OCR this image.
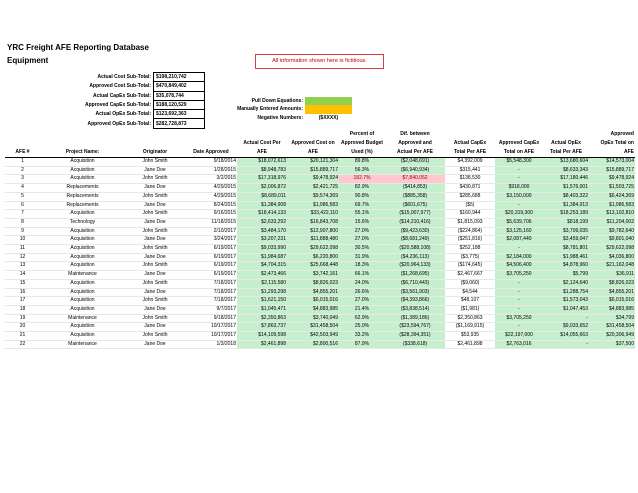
YRC Freight AFE Reporting Database
Equipment	All information shown here is fictitious.
Actual Cost Sub-Total:	$198,210,742
Approved Cost Sub-Total:	$470,849,402
Actual CapEx Sub-Total:	$35,078,744
Approved CapEx Sub-Total:	$188,120,529
Actual OpEx Sub-Total:	$123,692,363
Approved OpEx Sub-Total:	$282,728,873
Pull Down Equations:	
Manually Entered Amounts:	
Negative Numbers:	($XXXX)
						Percent of	Dif. between				Approved
				Actual Cost Per	Approved Cost on	Approved Budget	Approved and	Actual CapEx	Approved CapEx	Actual OpEx	OpEx Total on
AFE #	Project Name:	Originator	Date Approved	AFE	AFE	Used (%)	Actual Per AFE	Total Per AFE	Total on AFE	Total Per AFE	AFE
1	Acquisition	John Smith	9/18/2014	$18,072,613	$20,121,304	89.8%	($2,048,691)	$4,392,009	$5,548,300	$13,680,604	$14,573,004
2	Acquisition	Jane Doe	1/28/2015	$8,948,783	$15,889,717	56.3%	($6,940,934)	$315,441	-	$8,633,343	$15,889,717
3	Acquisition	John Smith	3/2/2015	$17,318,976	$9,478,924	182.7%	$7,840,052	$138,530	-	$17,180,446	$9,478,924
4	Replacements	Jane Doe	4/29/2015	$2,006,872	$2,421,725	82.9%	($414,853)	$430,871	$918,000	$1,576,001	$1,503,725
5	Replacements	John Smith	4/29/2015	$8,689,011	$9,574,369	90.8%	($885,358)	$285,688	$3,150,000	$8,403,322	$6,424,369
6	Replacements	Jane Doe	8/24/2015	$1,384,908	$1,986,583	69.7%	($601,675)	($5)	-	$1,384,913	$1,986,583
7	Acquisition	John Smith	9/16/2015	$18,414,133	$33,422,110	55.1%	($15,007,977)	$160,944	$20,319,300	$18,253,189	$13,102,810
8	Technology	Jane Doe	11/18/2015	$2,633,292	$16,843,708	15.6%	($14,210,416)	$1,815,093	$5,639,706	$818,199	$11,204,002
9	Acquisition	John Smith	2/10/2017	$3,484,170	$12,907,800	27.0%	($9,423,630)	($224,864)	$3,125,160	$3,709,035	$9,782,640
10	Acquisition	Jane Doe	3/24/2017	$3,207,231	$11,888,480	27.0%	($8,681,249)	($251,816)	$2,087,440	$3,459,047	$9,801,040
11	Acquisition	John Smith	6/19/2017	$9,033,990	$29,622,098	30.5%	($20,588,108)	$252,188	-	$8,781,801	$29,622,098
12	Acquisition	Jane Doe	6/19/2017	$1,984,687	$6,220,800	31.9%	($4,236,113)	($3,775)	$2,184,000	$1,988,461	$4,036,800
13	Acquisition	John Smith	6/19/2017	$4,704,315	$25,668,448	18.3%	($20,964,133)	($174,645)	$4,506,400	$4,878,960	$21,162,048
14	Maintenance	Jane Doe	6/19/2017	$2,473,466	$3,742,161	66.1%	($1,268,695)	$2,467,667	$3,705,250	$5,799	$36,911
15	Acquisition	John Smith	7/18/2017	$2,115,580	$8,826,023	24.0%	($6,710,443)	($9,060)	-	$2,124,640	$8,826,023
16	Acquisition	Jane Doe	7/18/2017	$1,293,298	$4,855,201	26.6%	($3,561,903)	$4,544	-	$1,288,754	$4,855,201
17	Acquisition	John Smith	7/18/2017	$1,621,150	$6,015,016	27.0%	($4,393,866)	$48,107	-	$1,573,043	$6,015,016
18	Acquisition	Jane Doe	9/7/2017	$1,045,471	$4,883,985	21.4%	($3,838,514)	($1,981)	-	$1,047,453	$4,883,985
19	Maintenance	John Smith	9/18/2017	$2,350,863	$3,740,049	62.9%	($1,389,186)	$2,350,863	$3,705,250	-	$34,799
20	Acquisition	Jane Doe	10/17/2017	$7,863,737	$31,458,504	25.0%	($23,594,767)	($1,169,915)	-	$9,033,652	$31,458,504
21	Acquisition	John Smith	10/17/2017	$14,109,598	$42,503,949	33.2%	($28,394,351)	$53,935	$22,197,000	$14,055,663	$20,306,949
22	Maintenance	Jane Doe	1/3/2018	$2,461,898	$2,800,516	87.9%	($338,618)	$2,461,898	$2,763,016	-	$37,500
